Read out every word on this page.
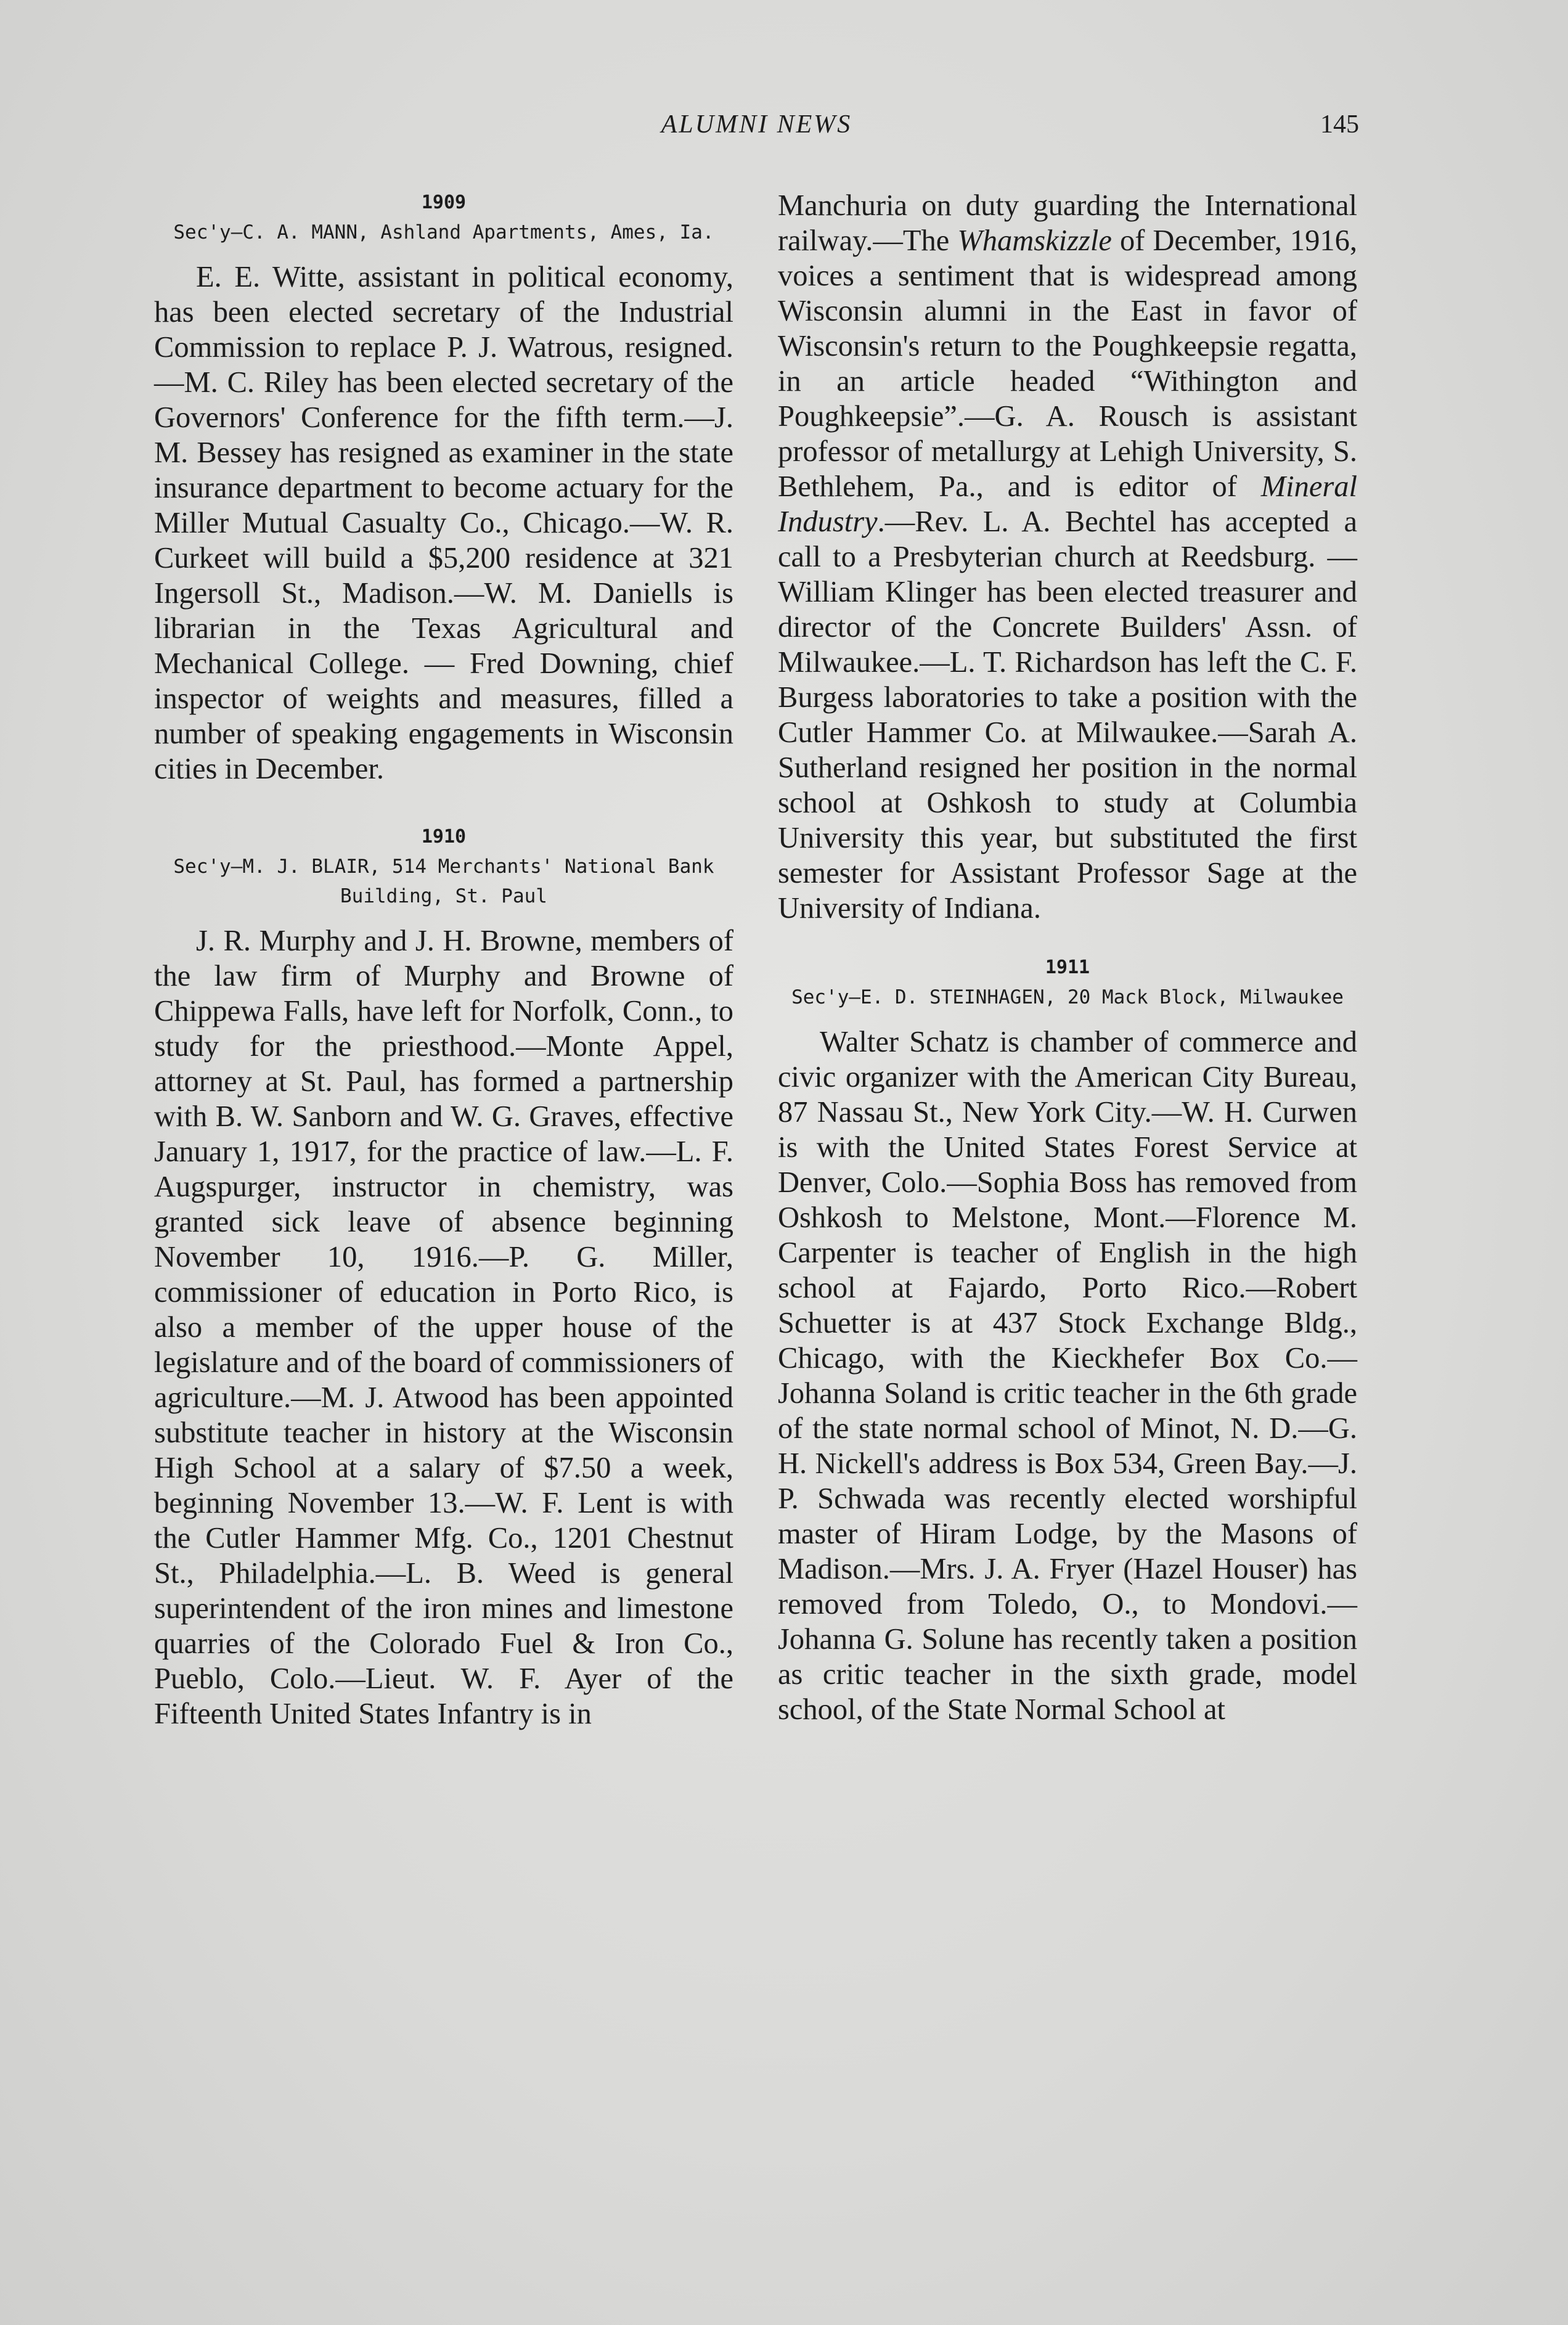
ALUMNI NEWS	145

1909

Sec'y—C. A. MANN, Ashland Apartments, Ames, Ia.

E. E. Witte, assistant in political economy, has been elected secretary of the Industrial Commission to replace P. J. Watrous, resigned.—M. C. Riley has been elected secretary of the Governors' Conference for the fifth term.—J. M. Bessey has resigned as examiner in the state insurance department to become actuary for the Miller Mutual Casualty Co., Chicago.—W. R. Curkeet will build a $5,200 residence at 321 Ingersoll St., Madison.—W. M. Daniells is librarian in the Texas Agricultural and Mechanical College. — Fred Downing, chief inspector of weights and measures, filled a number of speaking engagements in Wisconsin cities in December.

1910

Sec'y—M. J. BLAIR, 514 Merchants' National Bank Building, St. Paul

J. R. Murphy and J. H. Browne, members of the law firm of Murphy and Browne of Chippewa Falls, have left for Norfolk, Conn., to study for the priesthood.—Monte Appel, attorney at St. Paul, has formed a partnership with B. W. Sanborn and W. G. Graves, effective January 1, 1917, for the practice of law.—L. F. Augspurger, instructor in chemistry, was granted sick leave of absence beginning November 10, 1916.—P. G. Miller, commissioner of education in Porto Rico, is also a member of the upper house of the legislature and of the board of commissioners of agriculture.—M. J. Atwood has been appointed substitute teacher in history at the Wisconsin High School at a salary of $7.50 a week, beginning November 13.—W. F. Lent is with the Cutler Hammer Mfg. Co., 1201 Chestnut St., Philadelphia.—L. B. Weed is general superintendent of the iron mines and limestone quarries of the Colorado Fuel & Iron Co., Pueblo, Colo.—Lieut. W. F. Ayer of the Fifteenth United States Infantry is in

Manchuria on duty guarding the International railway.—The Whamskizzle of December, 1916, voices a sentiment that is widespread among Wisconsin alumni in the East in favor of Wisconsin's return to the Poughkeepsie regatta, in an article headed “Withington and Poughkeepsie”.—G. A. Rousch is assistant professor of metallurgy at Lehigh University, S. Bethlehem, Pa., and is editor of Mineral Industry.—Rev. L. A. Bechtel has accepted a call to a Presbyterian church at Reedsburg. — William Klinger has been elected treasurer and director of the Concrete Builders' Assn. of Milwaukee.—L. T. Richardson has left the C. F. Burgess laboratories to take a position with the Cutler Hammer Co. at Milwaukee.—Sarah A. Sutherland resigned her position in the normal school at Oshkosh to study at Columbia University this year, but substituted the first semester for Assistant Professor Sage at the University of Indiana.

1911

Sec'y—E. D. STEINHAGEN, 20 Mack Block, Milwaukee

Walter Schatz is chamber of commerce and civic organizer with the American City Bureau, 87 Nassau St., New York City.—W. H. Curwen is with the United States Forest Service at Denver, Colo.—Sophia Boss has removed from Oshkosh to Melstone, Mont.—Florence M. Carpenter is teacher of English in the high school at Fajardo, Porto Rico.—Robert Schuetter is at 437 Stock Exchange Bldg., Chicago, with the Kieckhefer Box Co.—Johanna Soland is critic teacher in the 6th grade of the state normal school of Minot, N. D.—G. H. Nickell's address is Box 534, Green Bay.—J. P. Schwada was recently elected worshipful master of Hiram Lodge, by the Masons of Madison.—Mrs. J. A. Fryer (Hazel Houser) has removed from Toledo, O., to Mondovi.—Johanna G. Solune has recently taken a position as critic teacher in the sixth grade, model school, of the State Normal School at
